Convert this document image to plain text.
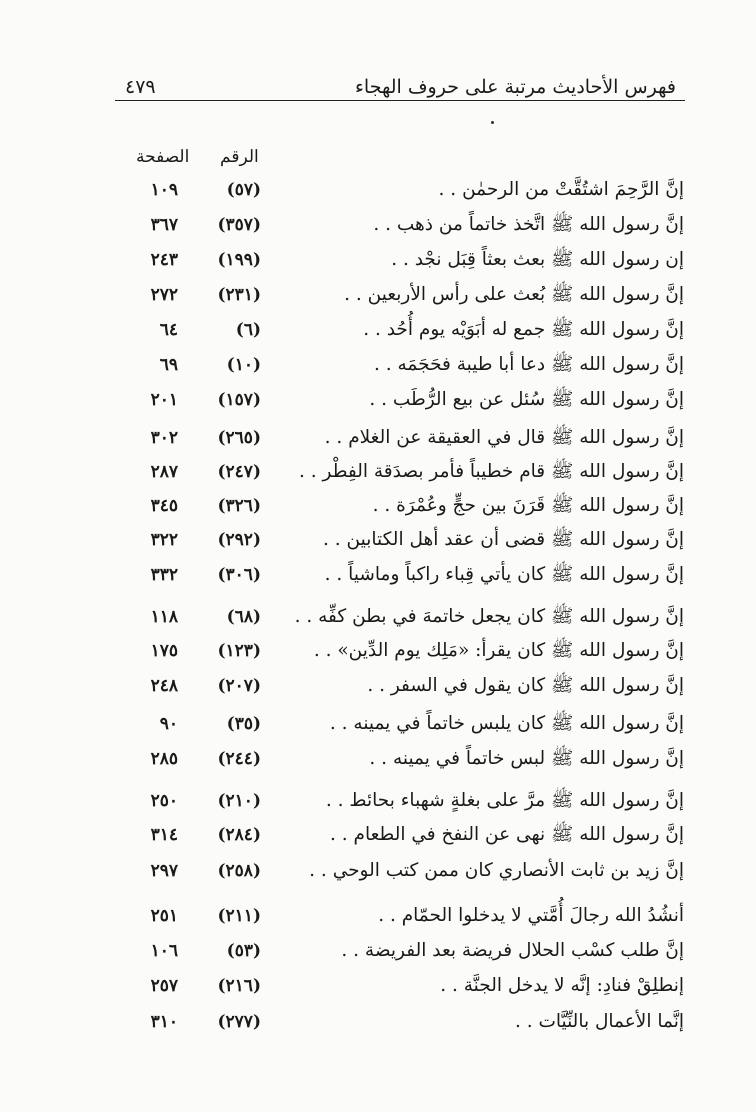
فهرس الأحاديث مرتبة على حروف الهجاء
٤٧٩
الرقم
الصفحة
إنَّ الرَّحِمَ اشتُقَّتْ من الرحمٰن . .
(٥٧)
١٠٩
إنَّ رسول الله ﷺ اتَّخذ خاتماً من ذهب . .
(٣٥٧)
٣٦٧
إن رسول الله ﷺ بعث بعثاً قِبَل نجْد . .
(١٩٩)
٢٤٣
إنَّ رسول الله ﷺ بُعث على رأس الأربعين . .
(٢٣١)
٢٧٢
إنَّ رسول الله ﷺ جمع له أبَوَيْه يوم أُحُد . .
(٦)
٦٤
إنَّ رسول الله ﷺ دعا أبا طيبة فحَجَمَه . .
(١٠)
٦٩
إنَّ رسول الله ﷺ سُئل عن بيع الرُّطَب . .
(١٥٧)
٢٠١
إنَّ رسول الله ﷺ قال في العقيقة عن الغلام . .
(٢٦٥)
٣٠٢
إنَّ رسول الله ﷺ قام خطيباً فأمر بصدَقة الفِطْر . .
(٢٤٧)
٢٨٧
إنَّ رسول الله ﷺ قَرَنَ بين حجٍّ وعُمْرَة . .
(٣٢٦)
٣٤٥
إنَّ رسول الله ﷺ قضى أن عقد أهل الكتابين . .
(٢٩٢)
٣٢٢
إنَّ رسول الله ﷺ كان يأتي قِباء راكباً وماشياً . .
(٣٠٦)
٣٣٢
إنَّ رسول الله ﷺ كان يجعل خاتمهَ في بطن كفِّه . .
(٦٨)
١١٨
إنَّ رسول الله ﷺ كان يقرأ: «مَلِك يوم الدِّين» . .
(١٢٣)
١٧٥
إنَّ رسول الله ﷺ كان يقول في السفر . .
(٢٠٧)
٢٤٨
إنَّ رسول الله ﷺ كان يلبس خاتماً في يمينه . .
(٣٥)
٩٠
إنَّ رسول الله ﷺ لبس خاتماً في يمينه . .
(٢٤٤)
٢٨٥
إنَّ رسول الله ﷺ مرَّ على بغلةٍ شهباء بحائط . .
(٢١٠)
٢٥٠
إنَّ رسول الله ﷺ نهى عن النفخ في الطعام . .
(٢٨٤)
٣١٤
إنَّ زيد بن ثابت الأنصاري كان ممن كتب الوحي . .
(٢٥٨)
٢٩٧
أنشُدُ الله رجالَ أُمَّتي لا يدخلوا الحمّام . .
(٢١١)
٢٥١
إنَّ طلب كسْب الحلال فريضة بعد الفريضة . .
(٥٣)
١٠٦
إنطلِقْ فنادِ: إنَّه لا يدخل الجنَّة . .
(٢١٦)
٢٥٧
إنَّما الأعمال بالنِّيَّات . .
(٢٧٧)
٣١٠
